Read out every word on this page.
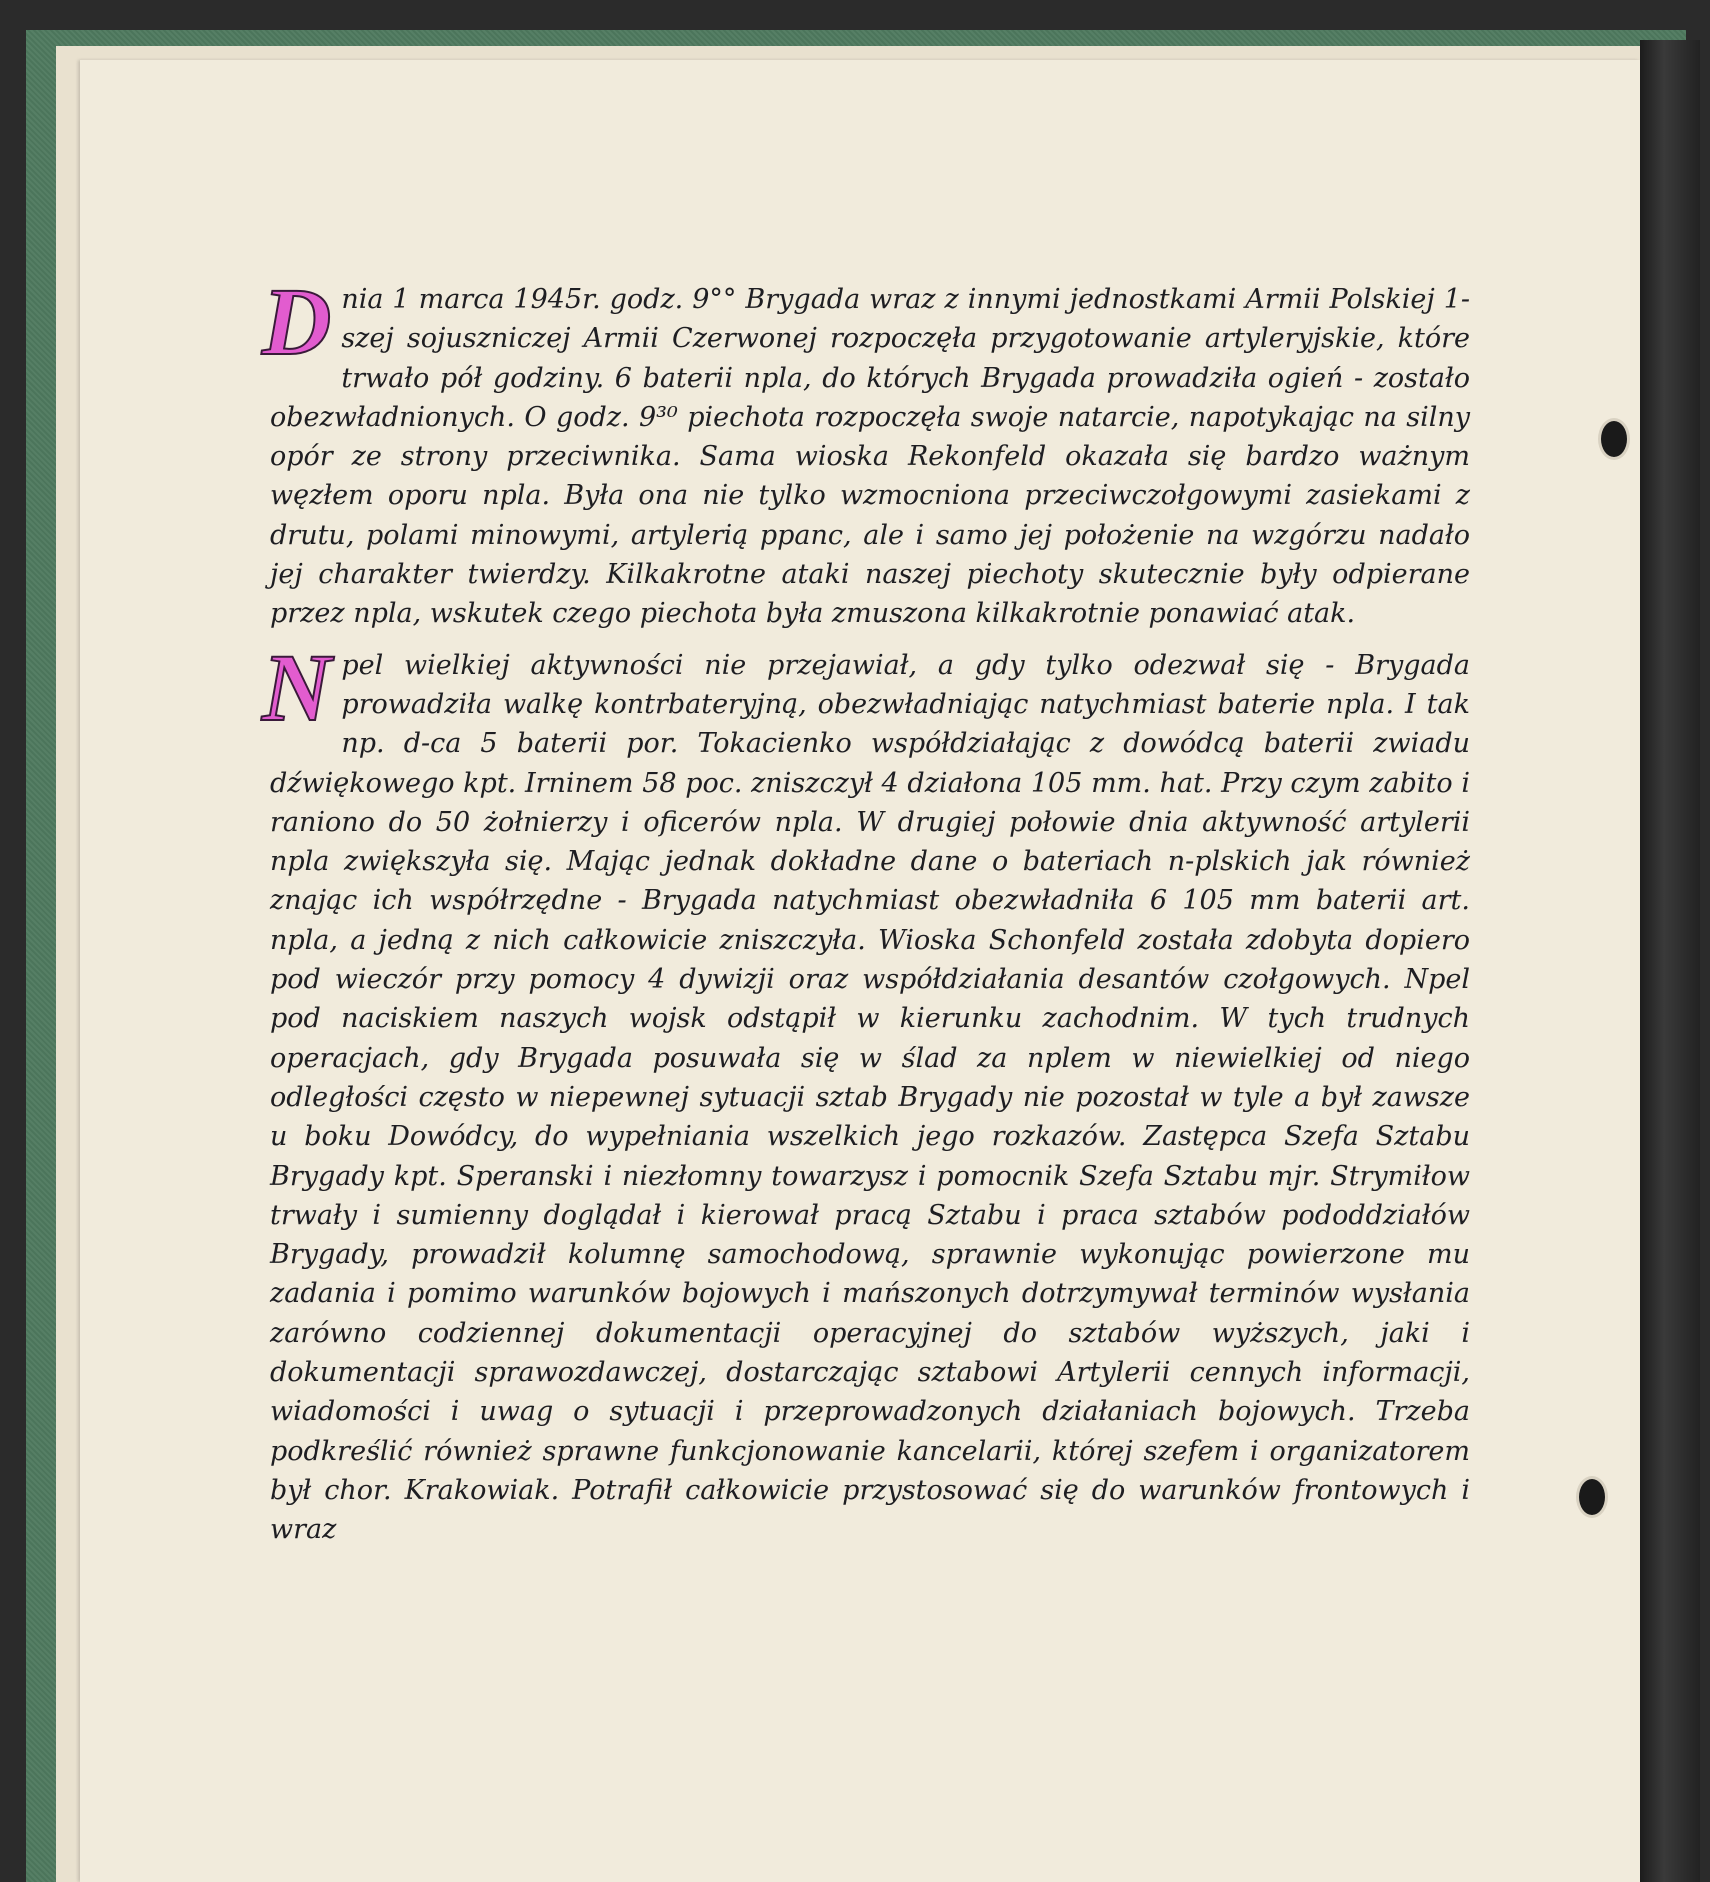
D nia 1 marca 1945r. godz. 9°° Brygada wraz z innymi jednostkami Armii Polskiej 1-szej sojuszniczej Armii Czerwonej rozpoczęła przygotowanie artyleryjskie, które trwało pół godziny. 6 baterii npla, do których Brygada prowadziła ogień - zostało obezwładnionych. O godz. 9³⁰ piechota rozpoczęła swoje natarcie, napotykając na silny opór ze strony przeciwnika. Sama wioska Rekonfeld okazała się bardzo ważnym węzłem oporu npla. Była ona nie tylko wzmocniona przeciwczołgowymi zasiekami z drutu, polami minowymi, artylerią ppanc, ale i samo jej położenie na wzgórzu nadało jej charakter twierdzy. Kilkakrotne ataki naszej piechoty skutecznie były odpierane przez npla, wskutek czego piechota była zmuszona kilkakrotnie ponawiać atak.

N pel wielkiej aktywności nie przejawiał, a gdy tylko odezwał się - Brygada prowadziła walkę kontrbateryjną, obezwładniając natychmiast baterie npla. I tak np. d-ca 5 baterii por. Tokacienko współdziałając z dowódcą baterii zwiadu dźwiękowego kpt. Irninem 58 poc. zniszczył 4 działona 105 mm. hat. Przy czym zabito i raniono do 50 żołnierzy i oficerów npla. W drugiej połowie dnia aktywność artylerii npla zwiększyła się. Mając jednak dokładne dane o bateriach n-plskich jak również znając ich współrzędne - Brygada natychmiast obezwładniła 6 105 mm baterii art. npla, a jedną z nich całkowicie zniszczyła. Wioska Schonfeld została zdobyta dopiero pod wieczór przy pomocy 4 dywizji oraz współdziałania desantów czołgowych. Npel pod naciskiem naszych wojsk odstąpił w kierunku zachodnim. W tych trudnych operacjach, gdy Brygada posuwała się w ślad za nplem w niewielkiej od niego odległości często w niepewnej sytuacji sztab Brygady nie pozostał w tyle a był zawsze u boku Dowódcy, do wypełniania wszelkich jego rozkazów. Zastępca Szefa Sztabu Brygady kpt. Speranski i niezłomny towarzysz i pomocnik Szefa Sztabu mjr. Strymiłow trwały i sumienny doglądał i kierował pracą Sztabu i praca sztabów pododdziałów Brygady, prowadził kolumnę samochodową, sprawnie wykonując powierzone mu zadania i pomimo warunków bojowych i mańszonych dotrzymywał terminów wysłania zarówno codziennej dokumentacji operacyjnej do sztabów wyższych, jaki i dokumentacji sprawozdawczej, dostarczając sztabowi Artylerii cennych informacji, wiadomości i uwag o sytuacji i przeprowadzonych działaniach bojowych. Trzeba podkreślić również sprawne funkcjonowanie kancelarii, której szefem i organizatorem był chor. Krakowiak. Potrafił całkowicie przystosować się do warunków frontowych i wraz
